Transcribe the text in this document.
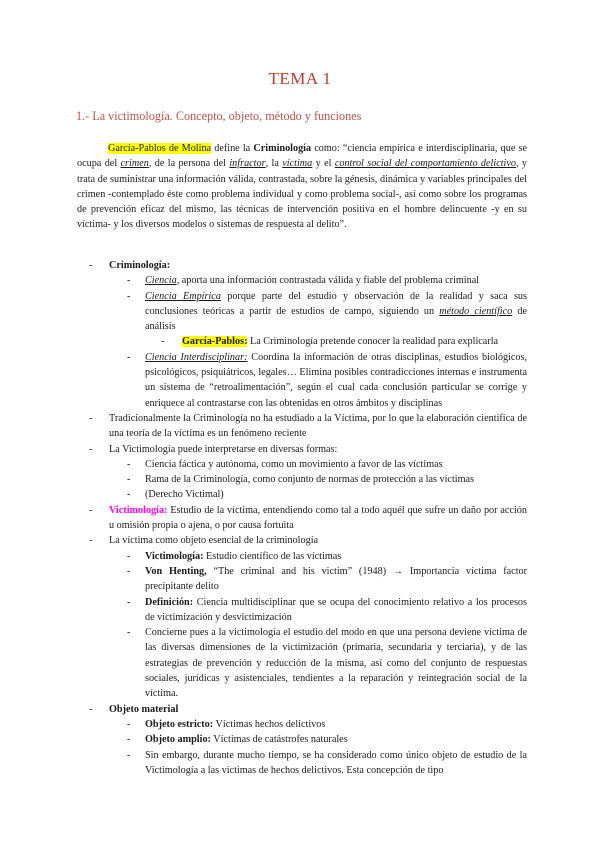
TEMA 1
1.- La victimología. Concepto, objeto, método y funciones
García-Pablos de Molina define la Criminología como: “ciencia empírica e interdisciplinaria, que se ocupa del crimen, de la persona del infractor, la víctima y el control social del comportamiento delictivo, y trata de suministrar una información válida, contrastada, sobre la génesis, dinámica y variables principales del crimen -contemplado éste como problema individual y como problema social-, así como sobre los programas de prevención eficaz del mismo, las técnicas de intervención positiva en el hombre delincuente -y en su víctima- y los diversos modelos o sistemas de respuesta al delito”.
- Criminología:
- Ciencia, aporta una información contrastada válida y fiable del problema criminal
- Ciencia Empírica porque parte del estudio y observación de la realidad y saca sus conclusiones teóricas a partir de estudios de campo, siguiendo un método científico de análisis
- García-Pablos: La Criminología pretende conocer la realidad para explicarla
- Ciencia Interdisciplinar: Coordina la información de otras disciplinas, estudios biológicos, psicológicos, psiquiátricos, legales… Elimina posibles contradicciones internas e instrumenta un sistema de “retroalimentación”, según el cual cada conclusión particular se corrige y enriquece al contrastarse con las obtenidas en otros ámbitos y disciplinas
- Tradicionalmente la Criminología no ha estudiado a la Víctima, por lo que la elaboración científica de una teoría de la víctima es un fenómeno reciente
- La Victimología puede interpretarse en diversas formas:
- Ciencia fáctica y autónoma, como un movimiento a favor de las víctimas
- Rama de la Criminología, como conjunto de normas de protección a las víctimas
- (Derecho Victimal)
- Victimología: Estudio de la víctima, entendiendo como tal a todo aquél que sufre un daño por acción u omisión propia o ajena, o por causa fortuita
- La víctima como objeto esencial de la criminología
- Victimología: Estudio científico de las víctimas
- Von Henting, “The criminal and his victim” (1948) → Importancia víctima factor precipitante delito
- Definición: Ciencia multidisciplinar que se ocupa del conocimiento relativo a los procesos de victimización y desvictimización
- Concierne pues a la victimología el estudio del modo en que una persona deviene víctima de las diversas dimensiones de la victimización (primaria, secundaria y terciaria), y de las estrategias de prevención y reducción de la misma, así como del conjunto de respuestas sociales, jurídicas y asistenciales, tendientes a la reparación y reintegración social de la víctima.
- Objeto material
- Objeto estricto: Víctimas hechos delictivos
- Objeto amplio: Víctimas de catástrofes naturales
- Sin embargo, durante mucho tiempo, se ha considerado como único objeto de estudio de la Victimología a las víctimas de hechos delictivos. Esta concepción de tipo
